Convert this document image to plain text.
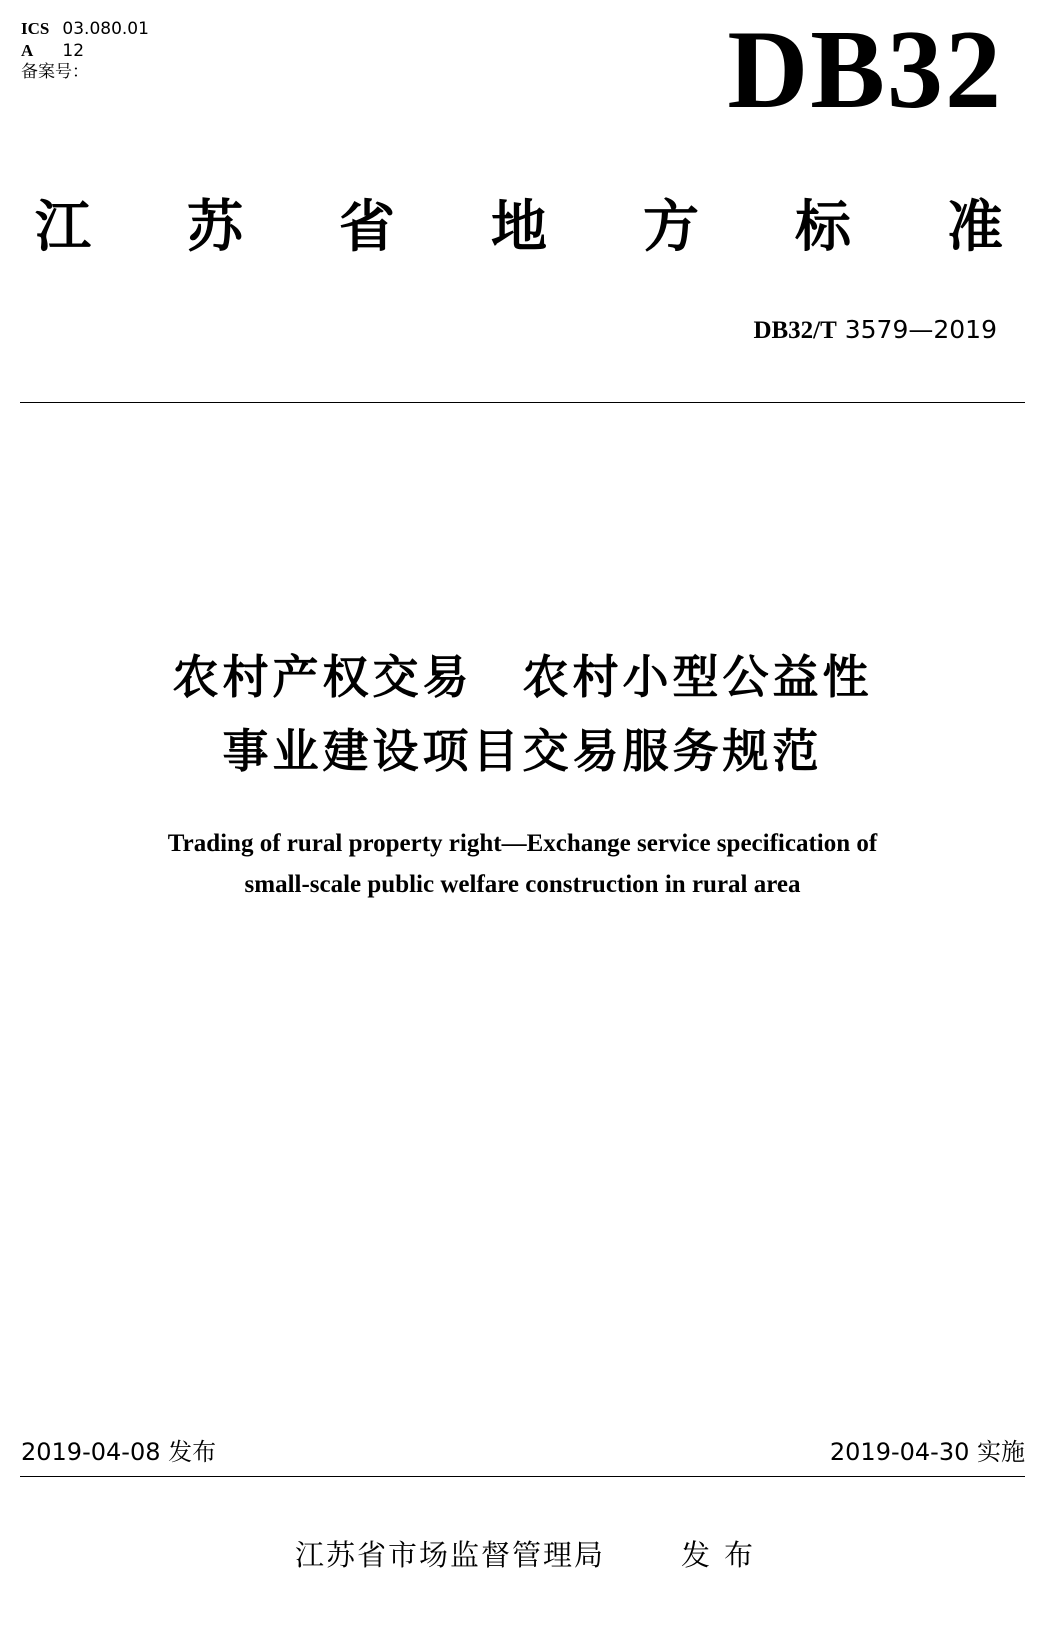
ICS 03.080.01
A 12
备案号：	DB32
江 苏 省 地 方 标 准
DB32/T 3579—2019
农村产权交易　农村小型公益性
事业建设项目交易服务规范
Trading of rural property right—Exchange service specification of
small-scale public welfare construction in rural area
2019-04-08 发布	2019-04-30 实施
江苏省市场监督管理局	发布
